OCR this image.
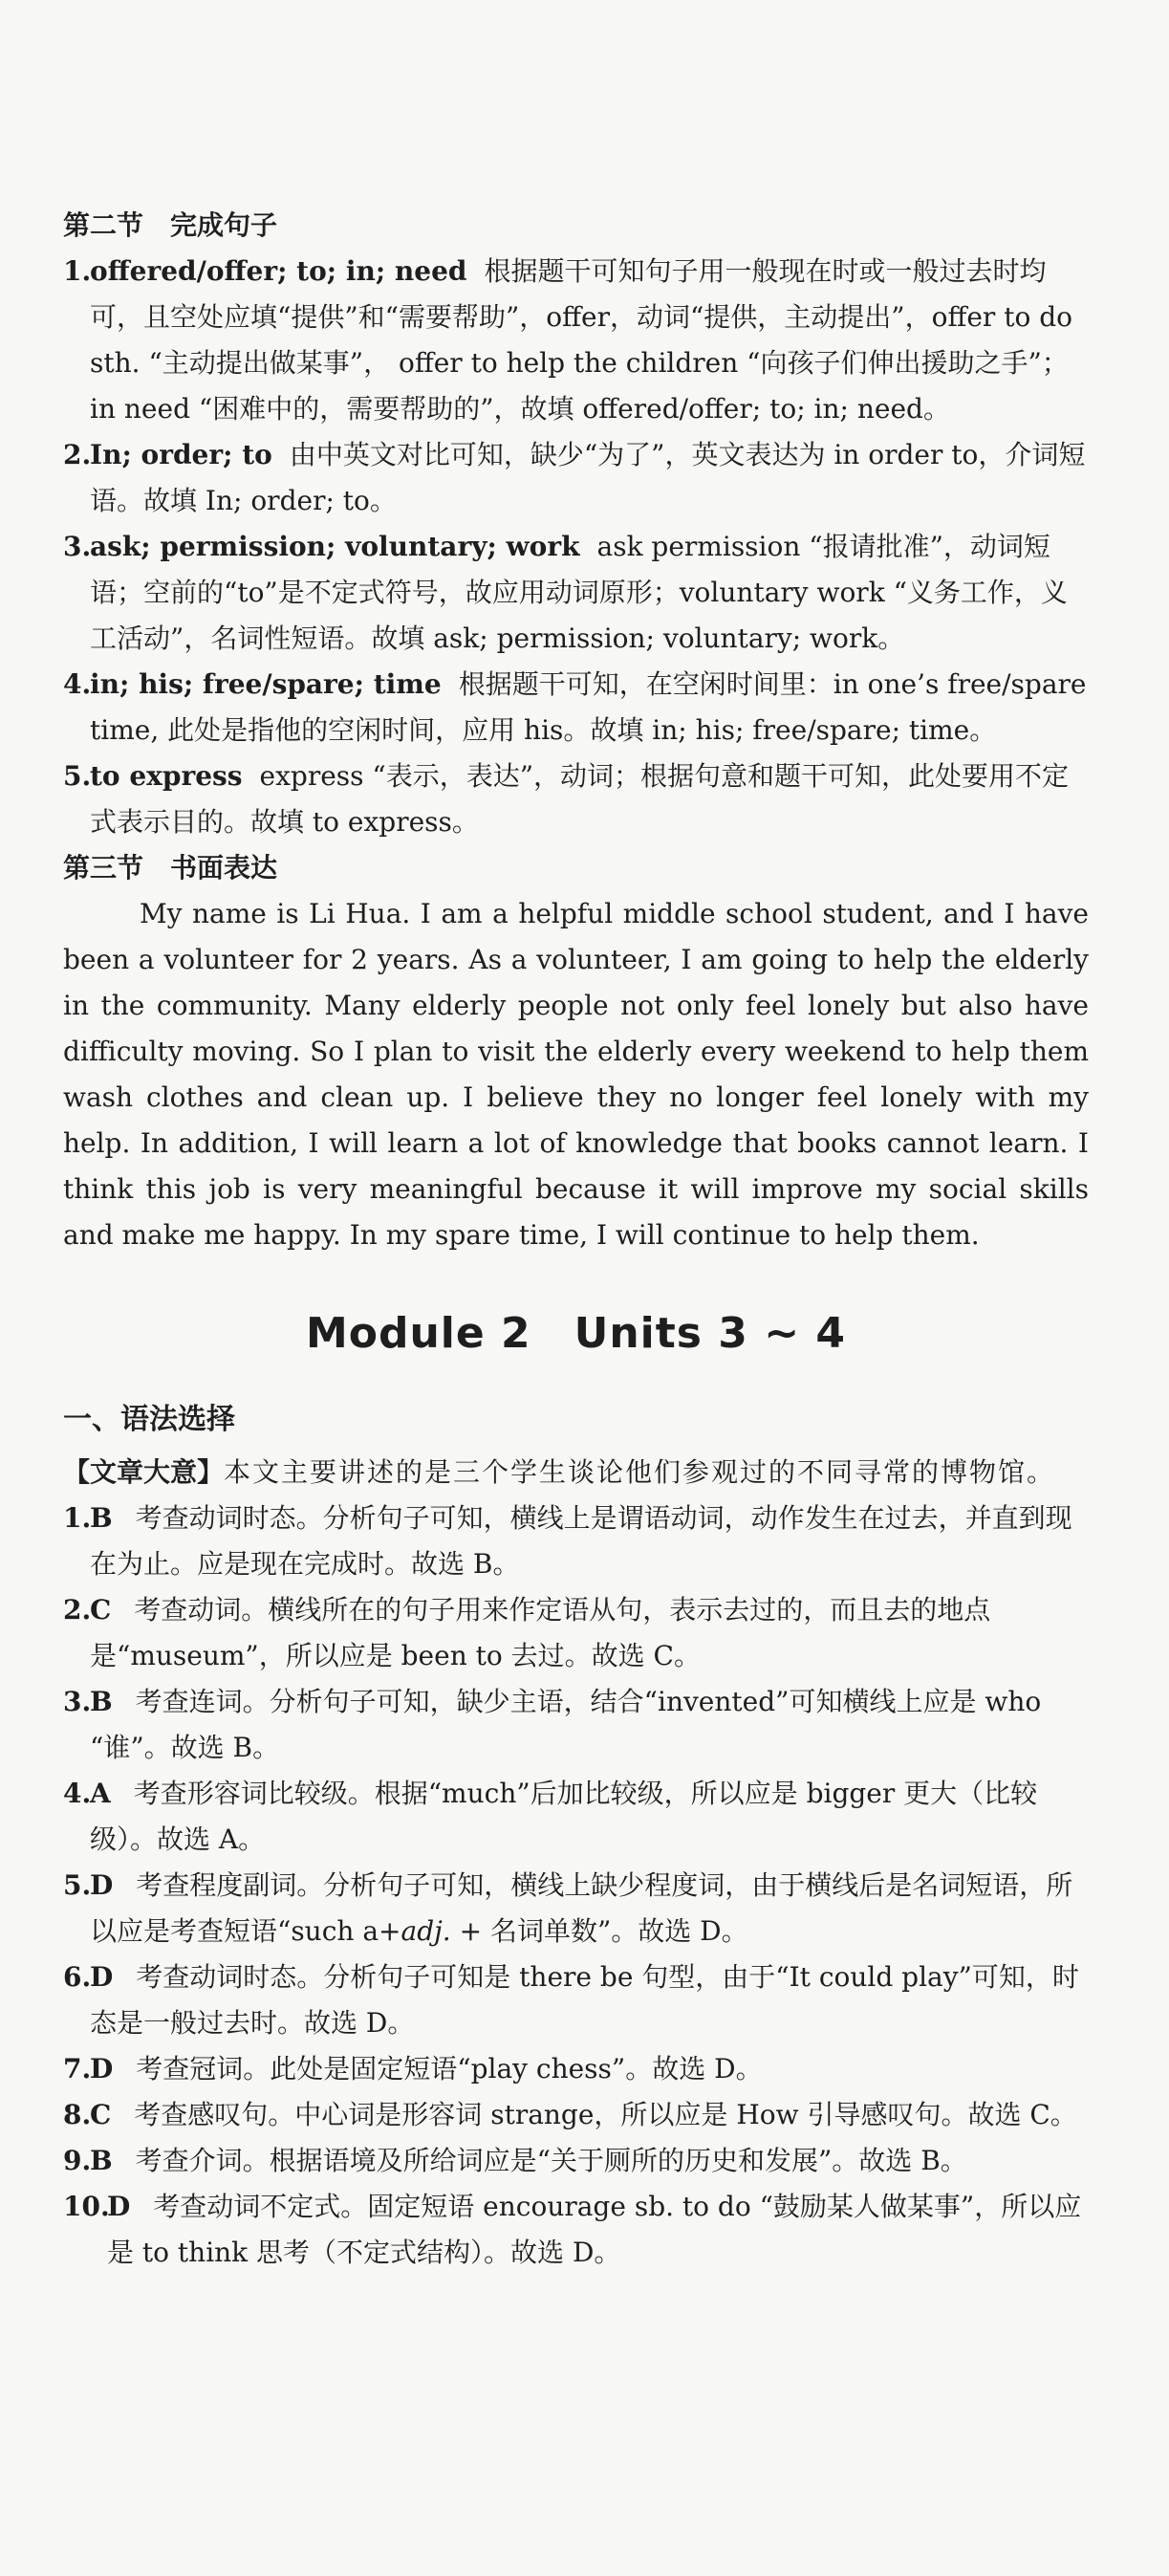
第二节　完成句子

1.offered/offer; to; in; need 根据题干可知句子用一般现在时或一般过去时均可，且空处应填“提供”和“需要帮助”，offer，动词“提供，主动提出”，offer to do sth. “主动提出做某事”， offer to help the children “向孩子们伸出援助之手”；in need “困难中的，需要帮助的”，故填 offered/offer; to; in; need。

2.In; order; to 由中英文对比可知，缺少“为了”，英文表达为 in order to，介词短语。故填 In; order; to。

3.ask; permission; voluntary; work ask permission “报请批准”，动词短语；空前的“to”是不定式符号，故应用动词原形；voluntary work “义务工作，义工活动”，名词性短语。故填 ask; permission; voluntary; work。

4.in; his; free/spare; time 根据题干可知，在空闲时间里：in one’s free/spare time, 此处是指他的空闲时间，应用 his。故填 in; his; free/spare; time。

5.to express express “表示，表达”，动词；根据句意和题干可知，此处要用不定式表示目的。故填 to express。

第三节　书面表达

My name is Li Hua. I am a helpful middle school student, and I have been a volunteer for 2 years. As a volunteer, I am going to help the elderly in the community. Many elderly people not only feel lonely but also have difficulty moving. So I plan to visit the elderly every weekend to help them wash clothes and clean up. I believe they no longer feel lonely with my help. In addition, I will learn a lot of knowledge that books cannot learn. I think this job is very meaningful because it will improve my social skills and make me happy. In my spare time, I will continue to help them.

Module 2　Units 3 ~ 4

一、语法选择

【文章大意】本文主要讲述的是三个学生谈论他们参观过的不同寻常的博物馆。

1.B 考查动词时态。分析句子可知，横线上是谓语动词，动作发生在过去，并直到现在为止。应是现在完成时。故选 B。

2.C 考查动词。横线所在的句子用来作定语从句，表示去过的，而且去的地点是“museum”，所以应是 been to 去过。故选 C。

3.B 考查连词。分析句子可知，缺少主语，结合“invented”可知横线上应是 who “谁”。故选 B。

4.A 考查形容词比较级。根据“much”后加比较级，所以应是 bigger 更大（比较级）。故选 A。

5.D 考查程度副词。分析句子可知，横线上缺少程度词，由于横线后是名词短语，所以应是考查短语“such a+adj. + 名词单数”。故选 D。

6.D 考查动词时态。分析句子可知是 there be 句型，由于“It could play”可知，时态是一般过去时。故选 D。

7.D 考查冠词。此处是固定短语“play chess”。故选 D。

8.C 考查感叹句。中心词是形容词 strange，所以应是 How 引导感叹句。故选 C。

9.B 考查介词。根据语境及所给词应是“关于厕所的历史和发展”。故选 B。

10.D 考查动词不定式。固定短语 encourage sb. to do “鼓励某人做某事”，所以应是 to think 思考（不定式结构）。故选 D。
